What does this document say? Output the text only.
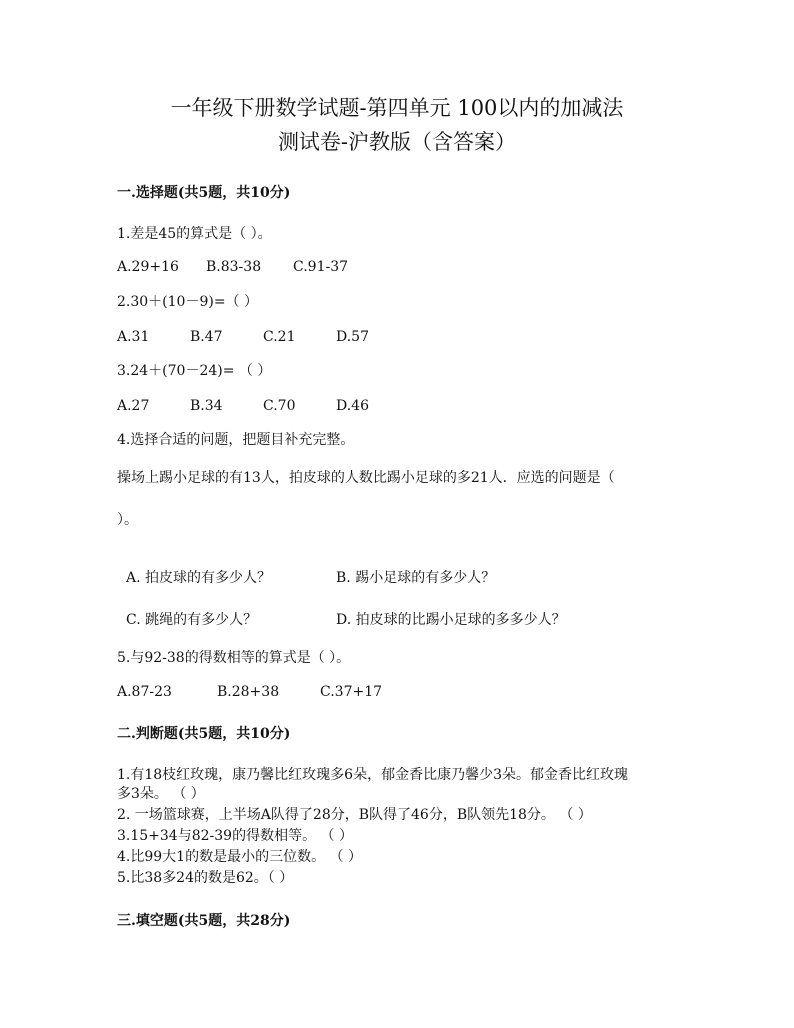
一年级下册数学试题-第四单元 100以内的加减法
测试卷-沪教版（含答案）
一.选择题(共5题，共10分)
1.差是45的算式是（ ）。
A.29+16 B.83-38 C.91-37
2.30＋(10－9)=（ ）
A.31	B.47	C.21	D.57
3.24＋(70－24)= （ ）
A.27	B.34	C.70	D.46
4.选择合适的问题，把题目补充完整。
操场上踢小足球的有13人，拍皮球的人数比踢小足球的多21人．应选的问题是（
）。
A. 拍皮球的有多少人？	B. 踢小足球的有多少人？
C. 跳绳的有多少人？	D. 拍皮球的比踢小足球的多多少人？
5.与92-38的得数相等的算式是（ ）。
A.87-23	B.28+38	C.37+17
二.判断题(共5题，共10分)
1.有18枝红玫瑰，康乃馨比红玫瑰多6朵，郁金香比康乃馨少3朵。郁金香比红玫瑰
多3朵。 （ ）
2. 一场篮球赛，上半场A队得了28分，B队得了46分，B队领先18分。 （ ）
3.15+34与82-39的得数相等。 （ ）
4.比99大1的数是最小的三位数。 （ ）
5.比38多24的数是62。（ ）
三.填空题(共5题，共28分)
